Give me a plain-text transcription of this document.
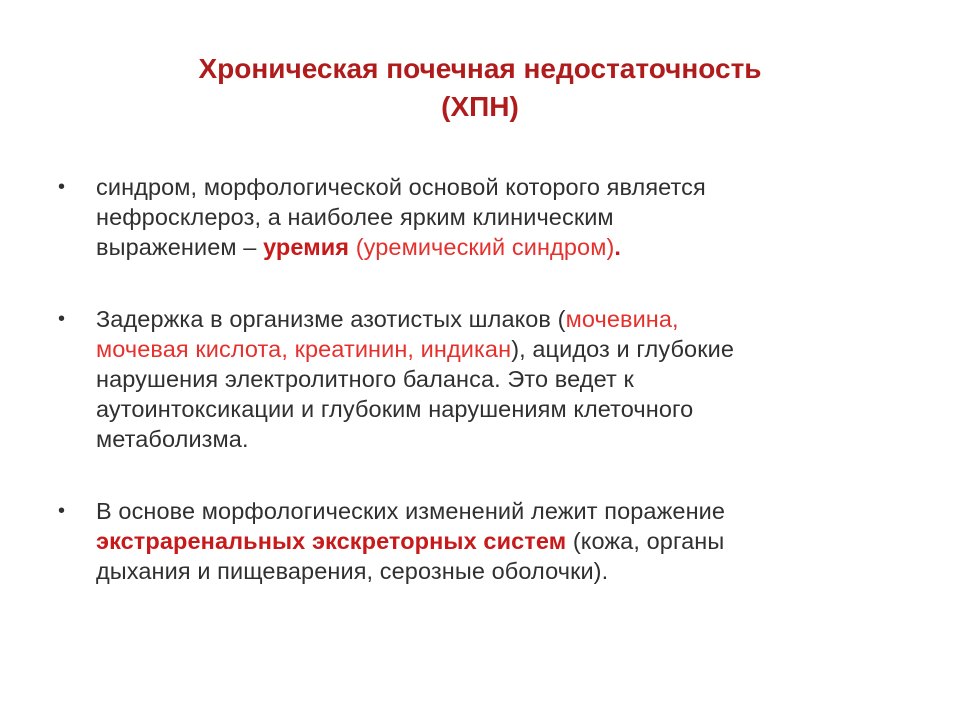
Хроническая почечная недостаточность
(ХПН)
• синдром, морфологической основой которого является
нефросклероз, а наиболее ярким клиническим
выражением – уремия (уремический синдром).
• Задержка в организме азотистых шлаков (мочевина,
мочевая кислота, креатинин, индикан), ацидоз и глубокие
нарушения электролитного баланса. Это ведет к
аутоинтоксикации и глубоким нарушениям клеточного
метаболизма.
• В основе морфологических изменений лежит поражение
экстраренальных экскреторных систем (кожа, органы
дыхания и пищеварения, серозные оболочки).
